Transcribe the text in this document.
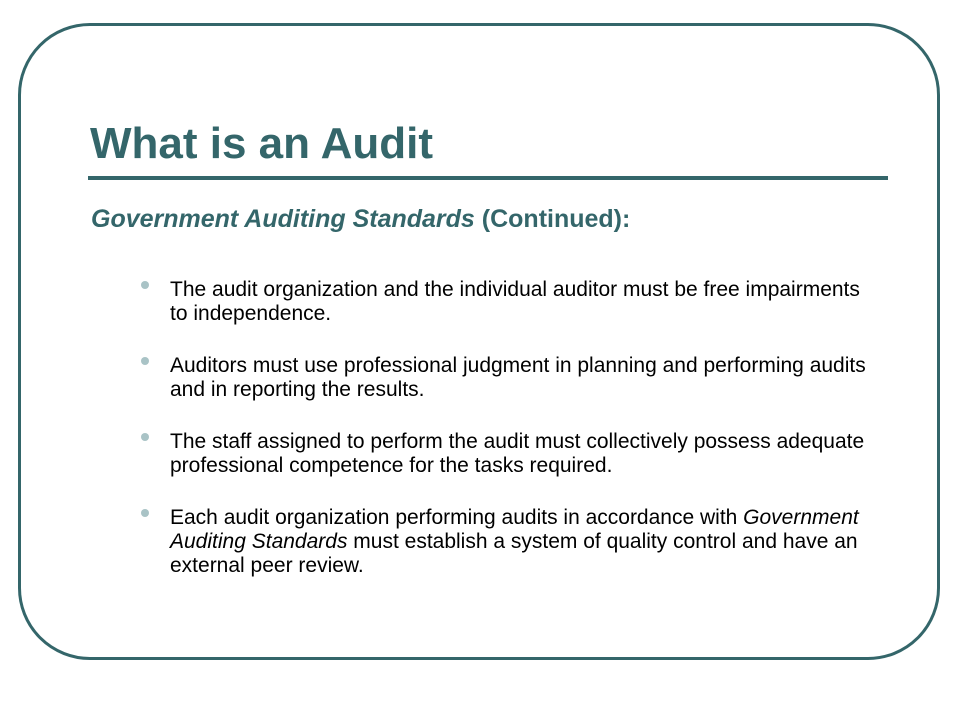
What is an Audit

Government Auditing Standards (Continued):

The audit organization and the individual auditor must be free impairments to independence.
Auditors must use professional judgment in planning and performing audits and in reporting the results.
The staff assigned to perform the audit must collectively possess adequate professional competence for the tasks required.
Each audit organization performing audits in accordance with Government Auditing Standards must establish a system of quality control and have an external peer review.
